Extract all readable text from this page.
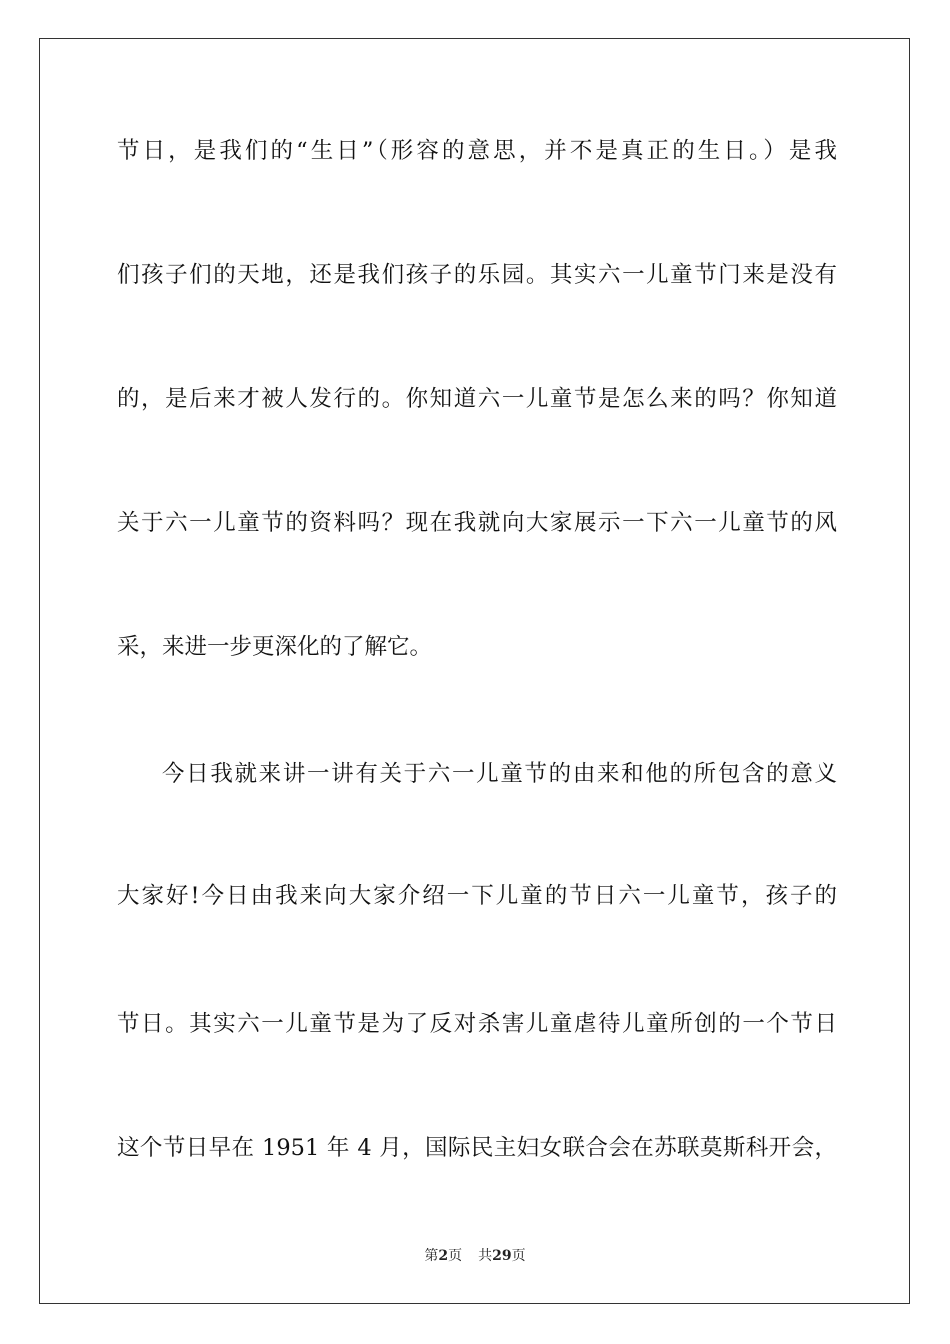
节日，是我们的“生日”（形容的意思，并不是真正的生日。）是我
们孩子们的天地，还是我们孩子的乐园。其实六一儿童节门来是没有
的，是后来才被人发行的。你知道六一儿童节是怎么来的吗？你知道
关于六一儿童节的资料吗？现在我就向大家展示一下六一儿童节的风
采，来进一步更深化的了解它。
今日我就来讲一讲有关于六一儿童节的由来和他的所包含的意义
大家好!今日由我来向大家介绍一下儿童的节日六一儿童节，孩子的
节日。其实六一儿童节是为了反对杀害儿童虐待儿童所创的一个节日
这个节日早在 1951 年 4 月，国际民主妇女联合会在苏联莫斯科开会，
第2页 共29页
